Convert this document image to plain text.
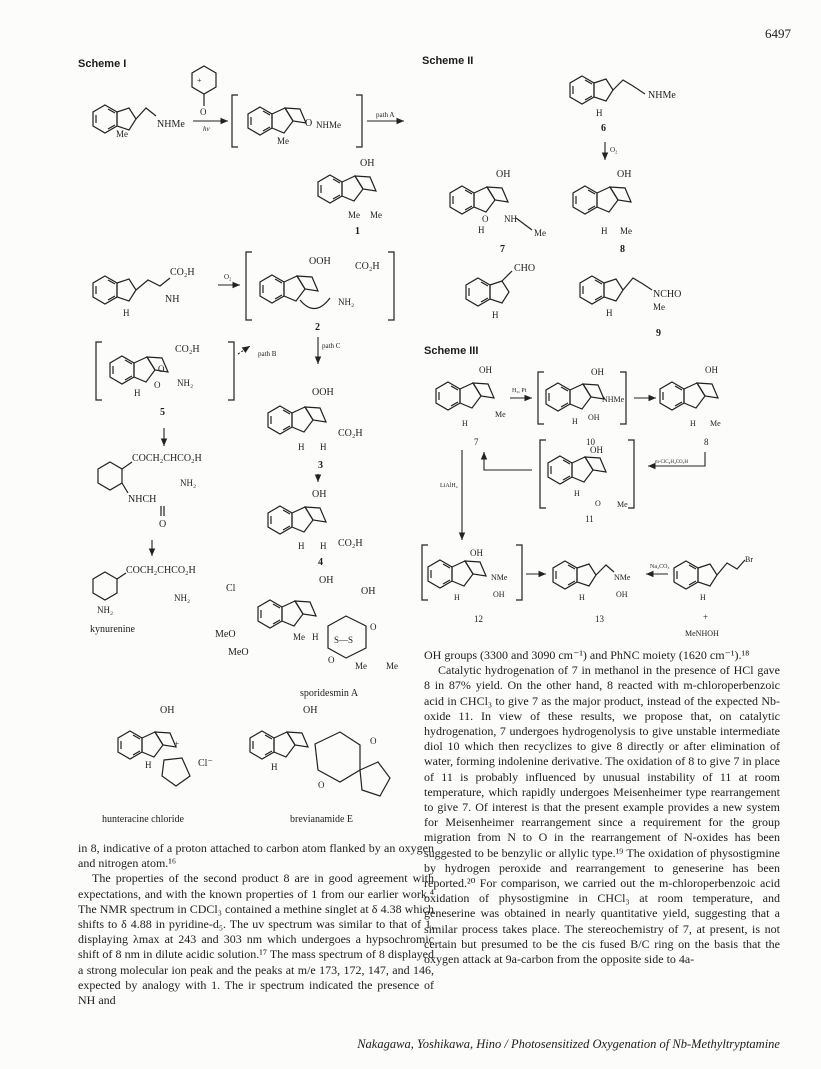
6497
Scheme I	Scheme II
Scheme III
NHMe
Me
O
+
hν	O NHMe
Me
path A
OH
Me Me
1
CO₂H
NH
H
O₂
OOH CO₂H
NH₂
2
path B
path C
CO₂H
O
NH₂
O
H
5
OOH
H H
CO₂H
3
OH
H H CO₂H
4
COCH₂CHCO₂H
NH₂
NHCH
O
COCH₂CHCO₂H
NH₂
NH₂
kynurenine
Cl
OH
OH
MeO
MeO
Me H S—S
O
Me Me
O
sporidesmin A
OH
H
+
Cl⁻
hunteracine chloride
OH
H
O
O
brevianamide E
NHMe
H
6
O₂
OH
O NH
Me
H
7
OH
H Me
8
CHO
H
NCHO
Me
H
9
OH
Me
H
7
H₂, Pt
OH
NHMe
OH
H
10
OH
H Me
8
m-ClC₆H₄CO₃H
OH
H
O Me
11
LiAlH₄
OH
NMe
OH
H
12
NMe
OH
H
13
Na₂CO₃
Br
H
+
MeNHOH

in 8, indicative of a proton attached to carbon atom flanked by an oxygen and nitrogen atom.¹⁶

The properties of the second product 8 are in good agreement with expectations, and with the known properties of 1 from our earlier work.⁴ The NMR spectrum in CDCl₃ contained a methine singlet at δ 4.38 which shifts to δ 4.88 in pyridine-d₅. The uv spectrum was similar to that of 1, displaying λmax at 243 and 303 nm which undergoes a hypsochromic shift of 8 nm in dilute acidic solution.¹⁷ The mass spectrum of 8 displayed a strong molecular ion peak and the peaks at m/e 173, 172, 147, and 146, expected by analogy with 1. The ir spectrum indicated the presence of NH and

OH groups (3300 and 3090 cm⁻¹) and PhNC moiety (1620 cm⁻¹).¹⁸

Catalytic hydrogenation of 7 in methanol in the presence of HCl gave 8 in 87% yield. On the other hand, 8 reacted with m-chloroperbenzoic acid in CHCl₃ to give 7 as the major product, instead of the expected Nb-oxide 11. In view of these results, we propose that, on catalytic hydrogenation, 7 undergoes hydrogenolysis to give unstable intermediate diol 10 which then recyclizes to give 8 directly or after elimination of water, forming indolenine derivative. The oxidation of 8 to give 7 in place of 11 is probably influenced by unusual instability of 11 at room temperature, which rapidly undergoes Meisenheimer type rearrangement to give 7. Of interest is that the present example provides a new system for Meisenheimer rearrangement since a requirement for the group migration from N to O in the rearrangement of N-oxides has been suggested to be benzylic or allylic type.¹⁹ The oxidation of physostigmine by hydrogen peroxide and rearrangement to geneserine has been reported.²⁰ For comparison, we carried out the m-chloroperbenzoic acid oxidation of physostigmine in CHCl₃ at room temperature, and geneserine was obtained in nearly quantitative yield, suggesting that a similar process takes place. The stereochemistry of 7, at present, is not certain but presumed to be the cis fused B/C ring on the basis that the oxygen attack at 9a-carbon from the opposite side to 4a-

Nakagawa, Yoshikawa, Hino / Photosensitized Oxygenation of Nb-Methyltryptamine
